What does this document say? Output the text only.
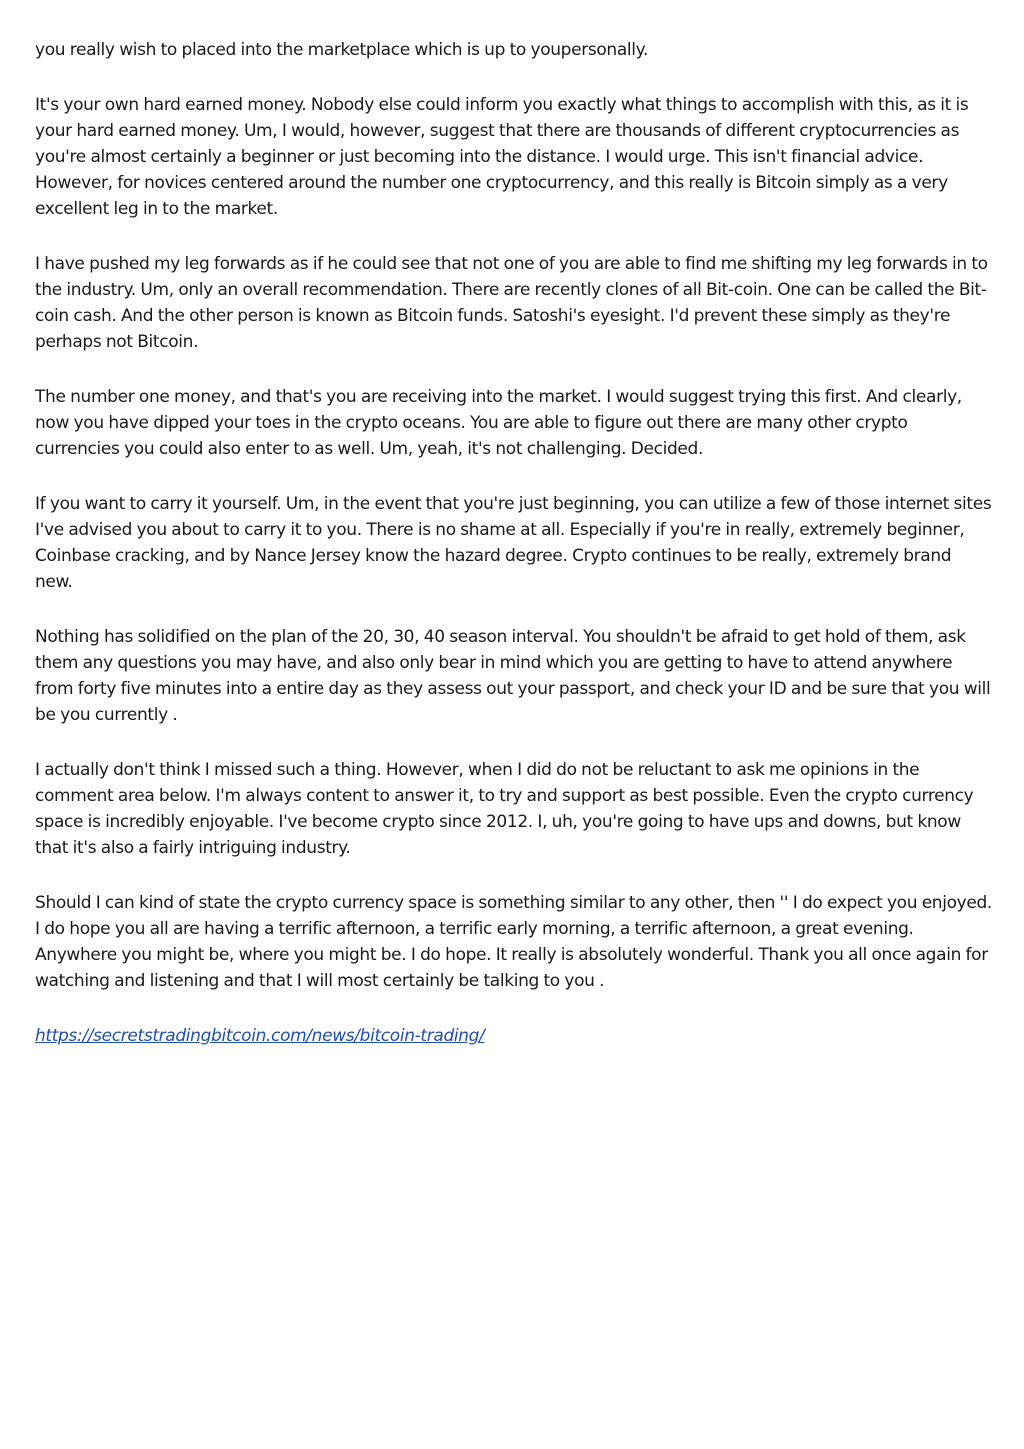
you really wish to placed into the marketplace which is up to youpersonally.

It's your own hard earned money. Nobody else could inform you exactly what things to accomplish with this, as it is your hard earned money. Um, I would, however, suggest that there are thousands of different cryptocurrencies as you're almost certainly a beginner or just becoming into the distance. I would urge. This isn't financial advice. However, for novices centered around the number one cryptocurrency, and this really is Bitcoin simply as a very excellent leg in to the market.

I have pushed my leg forwards as if he could see that not one of you are able to find me shifting my leg forwards in to the industry. Um, only an overall recommendation. There are recently clones of all Bit-coin. One can be called the Bit-coin cash. And the other person is known as Bitcoin funds. Satoshi's eyesight. I'd prevent these simply as they're perhaps not Bitcoin.

The number one money, and that's you are receiving into the market. I would suggest trying this first. And clearly, now you have dipped your toes in the crypto oceans. You are able to figure out there are many other crypto currencies you could also enter to as well. Um, yeah, it's not challenging. Decided.

If you want to carry it yourself. Um, in the event that you're just beginning, you can utilize a few of those internet sites I've advised you about to carry it to you. There is no shame at all. Especially if you're in really, extremely beginner, Coinbase cracking, and by Nance Jersey know the hazard degree. Crypto continues to be really, extremely brand new.

Nothing has solidified on the plan of the 20, 30, 40 season interval. You shouldn't be afraid to get hold of them, ask them any questions you may have, and also only bear in mind which you are getting to have to attend anywhere from forty five minutes into a entire day as they assess out your passport, and check your ID and be sure that you will be you currently .

I actually don't think I missed such a thing. However, when I did do not be reluctant to ask me opinions in the comment area below. I'm always content to answer it, to try and support as best possible. Even the crypto currency space is incredibly enjoyable. I've become crypto since 2012. I, uh, you're going to have ups and downs, but know that it's also a fairly intriguing industry.

Should I can kind of state the crypto currency space is something similar to any other, then '' I do expect you enjoyed. I do hope you all are having a terrific afternoon, a terrific early morning, a terrific afternoon, a great evening. Anywhere you might be, where you might be. I do hope. It really is absolutely wonderful. Thank you all once again for watching and listening and that I will most certainly be talking to you .

https://secretstradingbitcoin.com/news/bitcoin-trading/
